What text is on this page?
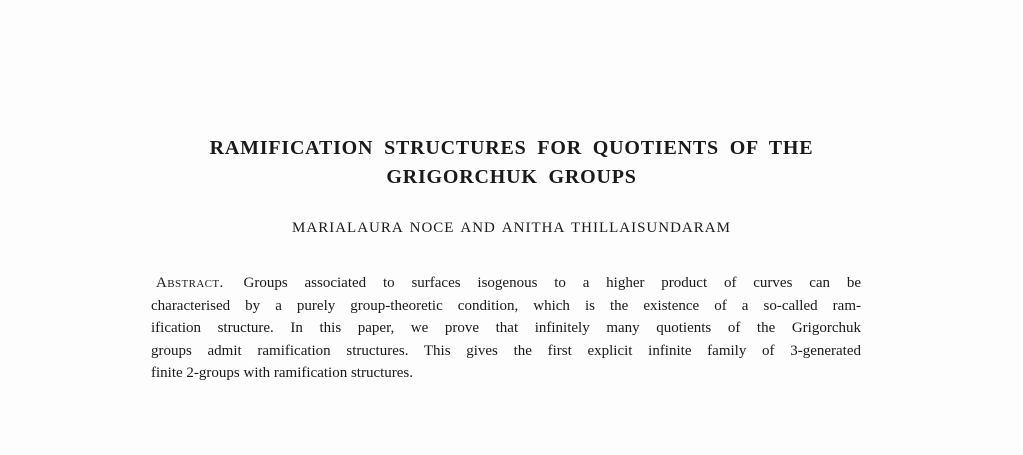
RAMIFICATION STRUCTURES FOR QUOTIENTS OF THE
GRIGORCHUK GROUPS
MARIALAURA NOCE AND ANITHA THILLAISUNDARAM
Abstract. Groups associated to surfaces isogenous to a higher product of curves can be
characterised by a purely group-theoretic condition, which is the existence of a so-called ram-
ification structure. In this paper, we prove that infinitely many quotients of the Grigorchuk
groups admit ramification structures. This gives the first explicit infinite family of 3-generated
finite 2-groups with ramification structures.
